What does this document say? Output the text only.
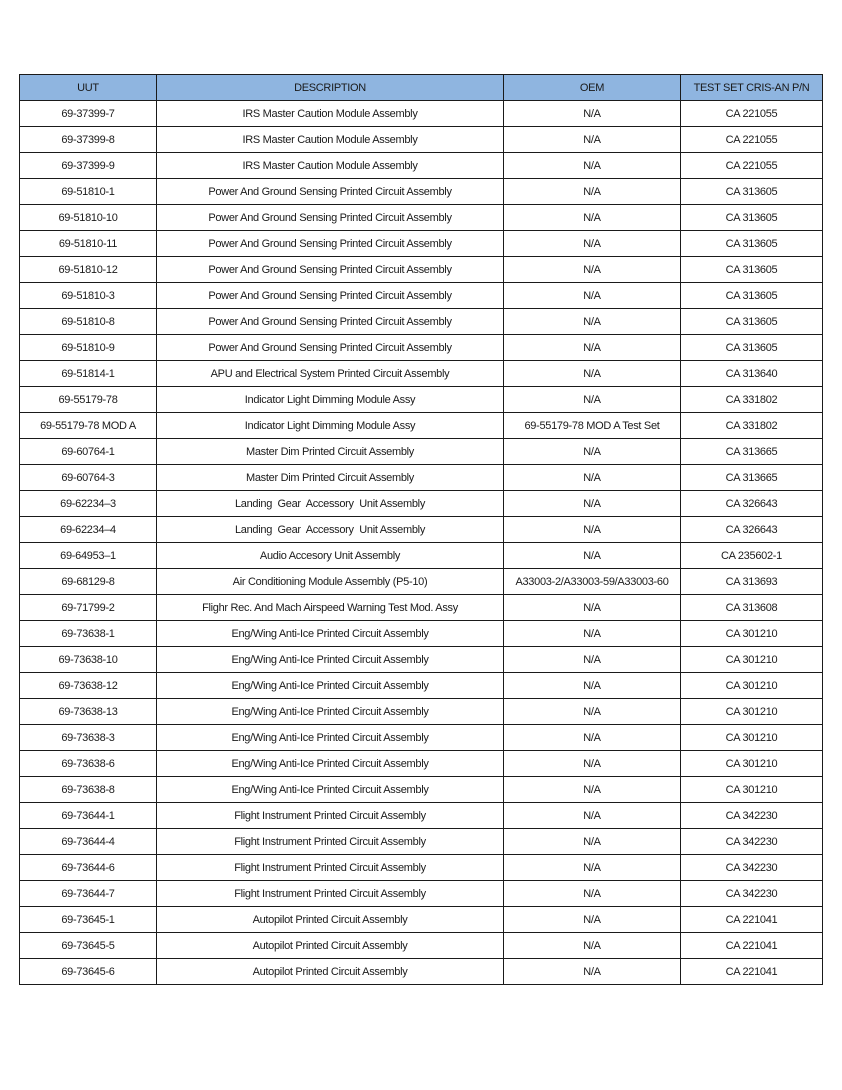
UUT	DESCRIPTION	OEM	TEST SET CRIS-AN P/N
69-37399-7	IRS Master Caution Module Assembly	N/A	CA 221055
69-37399-8	IRS Master Caution Module Assembly	N/A	CA 221055
69-37399-9	IRS Master Caution Module Assembly	N/A	CA 221055
69-51810-1	Power And Ground Sensing Printed Circuit Assembly	N/A	CA 313605
69-51810-10	Power And Ground Sensing Printed Circuit Assembly	N/A	CA 313605
69-51810-11	Power And Ground Sensing Printed Circuit Assembly	N/A	CA 313605
69-51810-12	Power And Ground Sensing Printed Circuit Assembly	N/A	CA 313605
69-51810-3	Power And Ground Sensing Printed Circuit Assembly	N/A	CA 313605
69-51810-8	Power And Ground Sensing Printed Circuit Assembly	N/A	CA 313605
69-51810-9	Power And Ground Sensing Printed Circuit Assembly	N/A	CA 313605
69-51814-1	APU and Electrical System Printed Circuit Assembly	N/A	CA 313640
69-55179-78	Indicator Light Dimming Module Assy	N/A	CA 331802
69-55179-78 MOD A	Indicator Light Dimming Module Assy	69-55179-78 MOD A Test Set	CA 331802
69-60764-1	Master Dim Printed Circuit Assembly	N/A	CA 313665
69-60764-3	Master Dim Printed Circuit Assembly	N/A	CA 313665
69-62234–3	Landing  Gear  Accessory  Unit Assembly	N/A	CA 326643
69-62234–4	Landing  Gear  Accessory  Unit Assembly	N/A	CA 326643
69-64953–1	Audio Accesory Unit Assembly	N/A	CA 235602-1
69-68129-8	Air Conditioning Module Assembly (P5-10)	A33003-2/A33003-59/A33003-60	CA 313693
69-71799-2	Flighr Rec. And Mach Airspeed Warning Test Mod. Assy	N/A	CA 313608
69-73638-1	Eng/Wing Anti-Ice Printed Circuit Assembly	N/A	CA 301210
69-73638-10	Eng/Wing Anti-Ice Printed Circuit Assembly	N/A	CA 301210
69-73638-12	Eng/Wing Anti-Ice Printed Circuit Assembly	N/A	CA 301210
69-73638-13	Eng/Wing Anti-Ice Printed Circuit Assembly	N/A	CA 301210
69-73638-3	Eng/Wing Anti-Ice Printed Circuit Assembly	N/A	CA 301210
69-73638-6	Eng/Wing Anti-Ice Printed Circuit Assembly	N/A	CA 301210
69-73638-8	Eng/Wing Anti-Ice Printed Circuit Assembly	N/A	CA 301210
69-73644-1	Flight Instrument Printed Circuit Assembly	N/A	CA 342230
69-73644-4	Flight Instrument Printed Circuit Assembly	N/A	CA 342230
69-73644-6	Flight Instrument Printed Circuit Assembly	N/A	CA 342230
69-73644-7	Flight Instrument Printed Circuit Assembly	N/A	CA 342230
69-73645-1	Autopilot Printed Circuit Assembly	N/A	CA 221041
69-73645-5	Autopilot Printed Circuit Assembly	N/A	CA 221041
69-73645-6	Autopilot Printed Circuit Assembly	N/A	CA 221041
